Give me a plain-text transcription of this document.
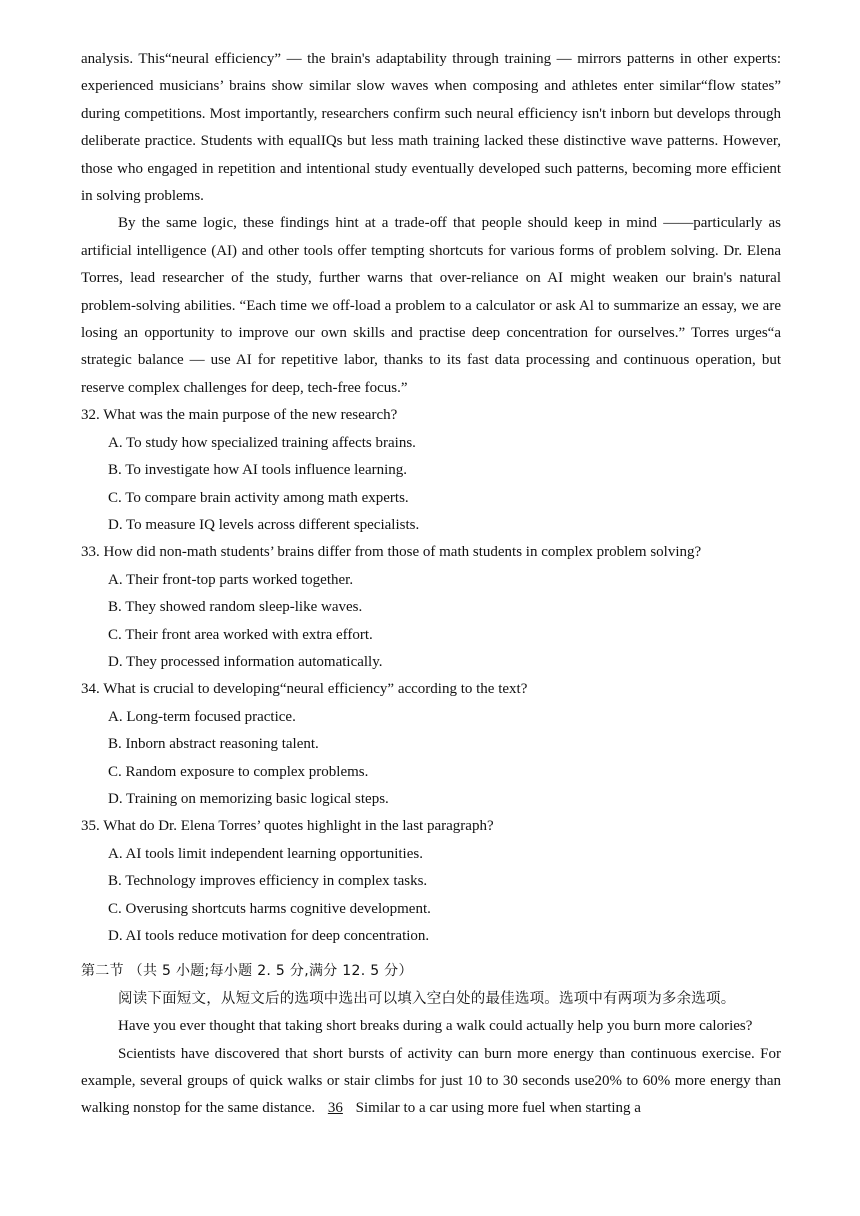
analysis. This“neural efficiency” — the brain's adaptability through training — mirrors patterns in other experts: experienced musicians’ brains show similar slow waves when composing and athletes enter similar“flow states” during competitions. Most importantly, researchers confirm such neural efficiency isn't inborn but develops through deliberate practice. Students with equalIQs but less math training lacked these distinctive wave patterns. However, those who engaged in repetition and intentional study eventually developed such patterns, becoming more efficient in solving problems.

By the same logic, these findings hint at a trade-off that people should keep in mind ——particularly as artificial intelligence (AI) and other tools offer tempting shortcuts for various forms of problem solving. Dr. Elena Torres, lead researcher of the study, further warns that over-reliance on AI might weaken our brain's natural problem-solving abilities. “Each time we off-load a problem to a calculator or ask Al to summarize an essay, we are losing an opportunity to improve our own skills and practise deep concentration for ourselves.” Torres urges“a strategic balance — use AI for repetitive labor, thanks to its fast data processing and continuous operation, but reserve complex challenges for deep, tech-free focus.”

32. What was the main purpose of the new research?

A. To study how specialized training affects brains.

B. To investigate how AI tools influence learning.

C. To compare brain activity among math experts.

D. To measure IQ levels across different specialists.

33. How did non-math students’ brains differ from those of math students in complex problem solving?

A. Their front-top parts worked together.

B. They showed random sleep-like waves.

C. Their front area worked with extra effort.

D. They processed information automatically.

34. What is crucial to developing“neural efficiency” according to the text?

A. Long-term focused practice.

B. Inborn abstract reasoning talent.

C. Random exposure to complex problems.

D. Training on memorizing basic logical steps.

35. What do Dr. Elena Torres’ quotes highlight in the last paragraph?

A. AI tools limit independent learning opportunities.

B. Technology improves efficiency in complex tasks.

C. Overusing shortcuts harms cognitive development.

D. AI tools reduce motivation for deep concentration.

第二节 （共 5 小题;每小题 2. 5 分,满分 12. 5 分）

阅读下面短文，从短文后的选项中选出可以填入空白处的最佳选项。选项中有两项为多余选项。

Have you ever thought that taking short breaks during a walk could actually help you burn more calories?

Scientists have discovered that short bursts of activity can burn more energy than continuous exercise. For example, several groups of quick walks or stair climbs for just 10 to 30 seconds use20% to 60% more energy than walking nonstop for the same distance. 36 Similar to a car using more fuel when starting a
